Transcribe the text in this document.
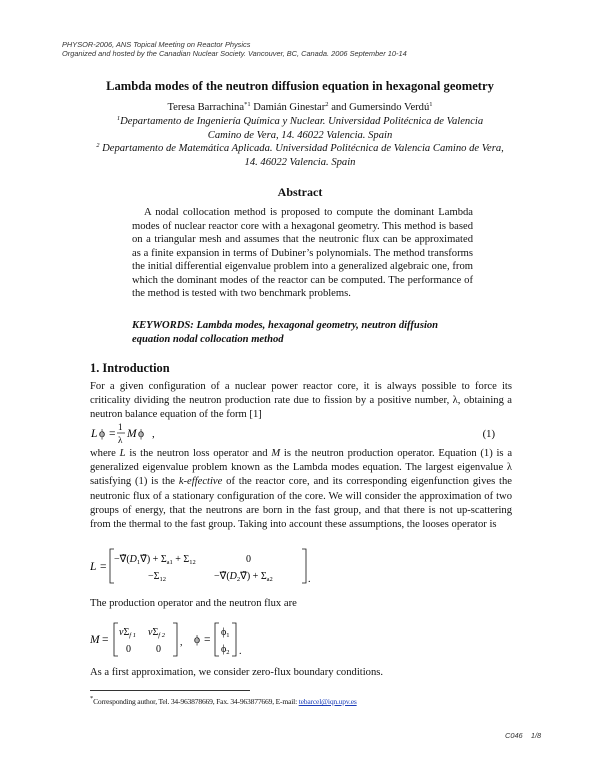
PHYSOR-2006, ANS Topical Meeting on Reactor Physics
Organized and hosted by the Canadian Nuclear Society. Vancouver, BC, Canada. 2006 September 10-14
Lambda modes of the neutron diffusion equation in hexagonal geometry
Teresa Barrachina$^{*1}$ Damián Ginestar$^2$ and Gumersindo Verdú$^1$
$^1$Departamento de Ingeniería Química y Nuclear. Universidad Politécnica de Valencia Camino de Vera, 14. 46022 Valencia. Spain
$^2$ Departamento de Matemática Aplicada. Universidad Politécnica de Valencia Camino de Vera, 14. 46022 Valencia. Spain
Abstract
A nodal collocation method is proposed to compute the dominant Lambda modes of nuclear reactor core with a hexagonal geometry. This method is based on a triangular mesh and assumes that the neutronic flux can be approximated as a finite expansion in terms of Dubiner’s polynomials. The method transforms the initial differential eigenvalue problem into a generalized algebraic one, from which the dominant modes of the reactor can be computed. The performance of the method is tested with two benchmark problems.
KEYWORDS: Lambda modes, hexagonal geometry, neutron diffusion equation nodal collocation method
1. Introduction
For a given configuration of a nuclear power reactor core, it is always possible to force its criticality dividing the neutron production rate due to fission by a positive number, λ, obtaining a neutron balance equation of the form [1]
L ϕ =
1
λ M ϕ ,	(1)
where L is the neutron loss operator and M is the neutron production operator. Equation (1) is a generalized eigenvalue problem known as the Lambda modes equation. The largest eigenvalue λ satisfying (1) is the k-effective of the reactor core, and its corresponding eigenfunction gives the neutronic flux of a stationary configuration of the core. We will consider the approximation of two groups of energy, that the neutrons are born in the fast group, and that there is not up-scattering from the thermal to the fast group. Taking into account these assumptions, the looses operator is
L =
$-\nablã(D_1\nablã) + \Sigma_{a1} + \Sigma_{12}$	0
$-\Sigma_{12}$	$-\nablã(D_2\nablã) + \Sigma_{a2}$	.
The production operator and the neutron flux are
M =
$\nu\Sigma_{f 1}$ $\nu\Sigma_{f 2}$
0	0
, ϕ =
$\phi_1$
$\phi_2$ .
As a first approximation, we consider zero-flux boundary conditions.
*Corresponding author, Tel. 34-963878669, Fax. 34-963877669, E-mail: tebarcel@iqn.upv.es
C046 1/8
